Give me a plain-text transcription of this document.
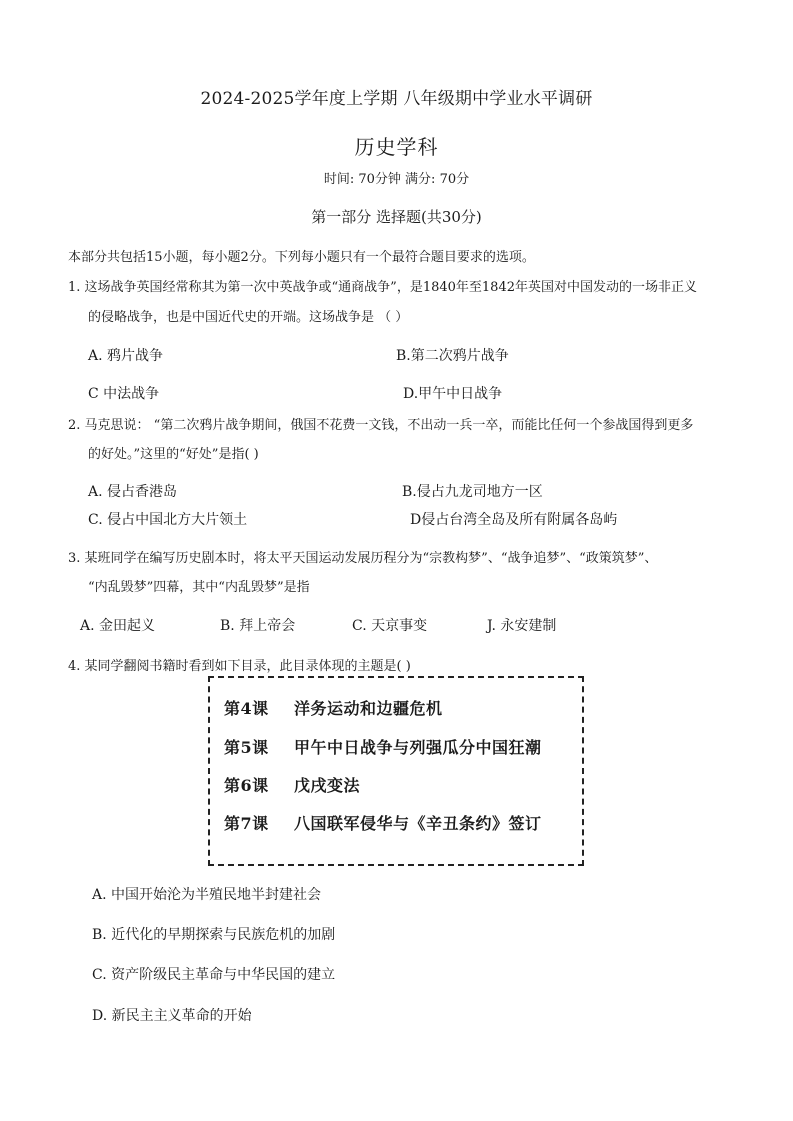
2024-2025学年度上学期 八年级期中学业水平调研
历史学科
时间: 70分钟 满分: 70分
第一部分 选择题(共30分)
本部分共包括15小题，每小题2分。下列每小题只有一个最符合题目要求的选项。
1. 这场战争英国经常称其为第一次中英战争或“通商战争”，是1840年至1842年英国对中国发动的一场非正义
的侵略战争，也是中国近代史的开端。这场战争是 （ ）
A. 鸦片战争	B.第二次鸦片战争
C 中法战争	D.甲午中日战争
2. 马克思说： “第二次鸦片战争期间，俄国不花费一文钱，不出动一兵一卒，而能比任何一个参战国得到更多
的好处。”这里的“好处”是指( )
A. 侵占香港岛	B.侵占九龙司地方一区
C. 侵占中国北方大片领土	D侵占台湾全岛及所有附属各岛屿
3. 某班同学在编写历史剧本时，将太平天国运动发展历程分为“宗教构梦”、“战争追梦”、“政策筑梦”、
“内乱毁梦”四幕，其中“内乱毁梦”是指
A. 金田起义	B. 拜上帝会	C. 天京事变	J. 永安建制
4. 某同学翻阅书籍时看到如下目录，此目录体现的主题是( )
第4课 洋务运动和边疆危机
第5课 甲午中日战争与列强瓜分中国狂潮
第6课 戊戌变法
第7课 八国联军侵华与《辛丑条约》签订
A. 中国开始沦为半殖民地半封建社会
B. 近代化的早期探索与民族危机的加剧
C. 资产阶级民主革命与中华民国的建立
D. 新民主主义革命的开始
